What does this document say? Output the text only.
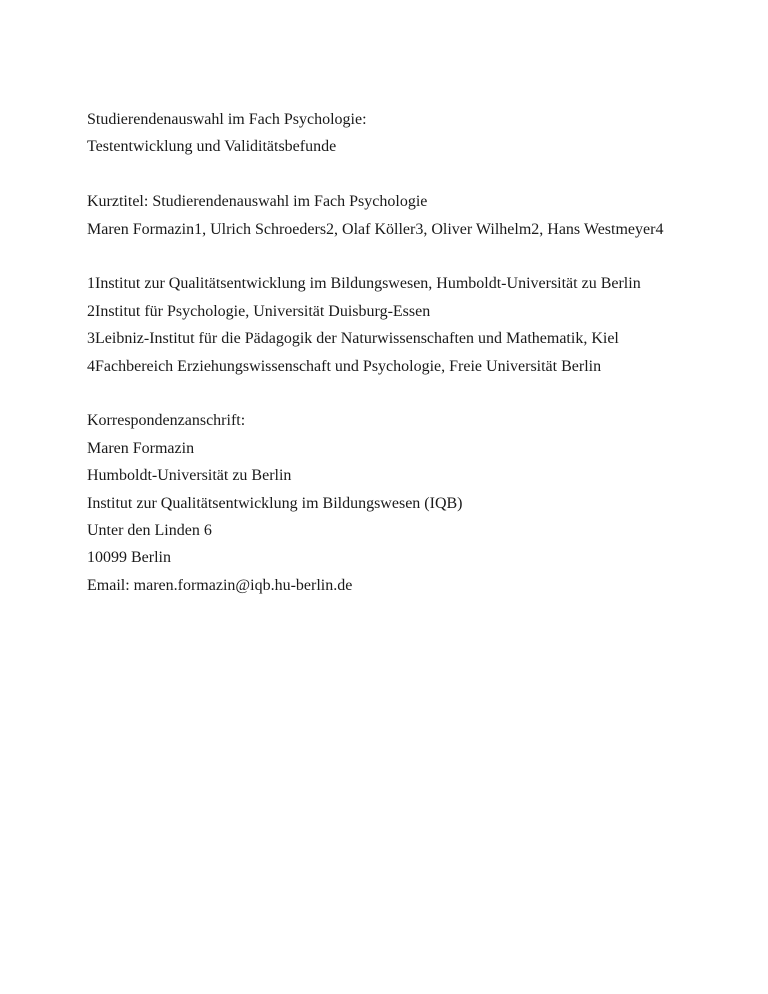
Studierendenauswahl im Fach Psychologie:

Testentwicklung und Validitätsbefunde

Kurztitel: Studierendenauswahl im Fach Psychologie

Maren Formazin1, Ulrich Schroeders2, Olaf Köller3, Oliver Wilhelm2, Hans Westmeyer4

1Institut zur Qualitätsentwicklung im Bildungswesen, Humboldt-Universität zu Berlin

2Institut für Psychologie, Universität Duisburg-Essen

3Leibniz-Institut für die Pädagogik der Naturwissenschaften und Mathematik, Kiel

4Fachbereich Erziehungswissenschaft und Psychologie, Freie Universität Berlin

Korrespondenzanschrift:

Maren Formazin

Humboldt-Universität zu Berlin

Institut zur Qualitätsentwicklung im Bildungswesen (IQB)

Unter den Linden 6

10099 Berlin

Email: maren.formazin@iqb.hu-berlin.de
